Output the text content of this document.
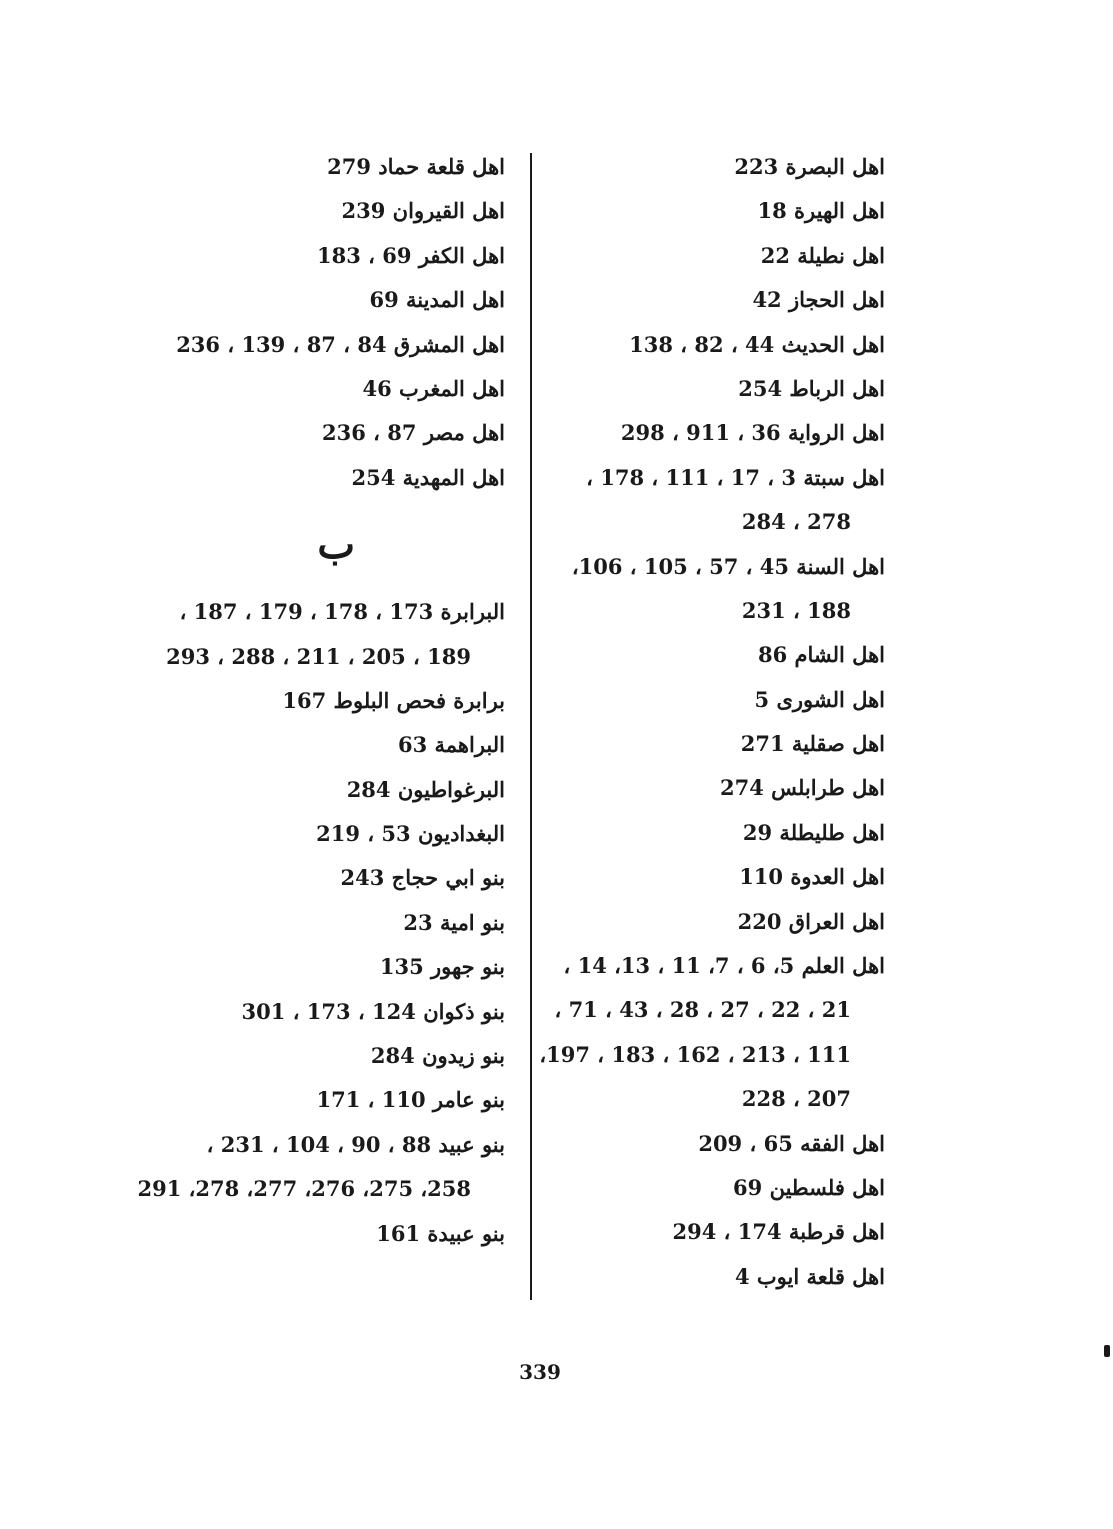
اهل البصرة 223
اهل الهيرة 18
اهل نطيلة 22
اهل الحجاز 42
اهل الحديث 44 ، 82 ، 138
اهل الرباط 254
اهل الرواية 36 ، 911 ، 298
اهل سبتة 3 ، 17 ، 111 ، 178 ،
278 ، 284
اهل السنة 45 ، 57 ، 105 ، 106،
188 ، 231
اهل الشام 86
اهل الشورى 5
اهل صقلية 271
اهل طرابلس 274
اهل طليطلة 29
اهل العدوة 110
اهل العراق 220
اهل العلم 5، 6 ، 7، 11 ، 13، 14 ،
21 ، 22 ، 27 ، 28 ، 43 ، 71 ،
111 ، 213 ، 162 ، 183 ، 197،
207 ، 228
اهل الفقه 65 ، 209
اهل فلسطين 69
اهل قرطبة 174 ، 294
اهل قلعة ايوب 4
اهل قلعة حماد 279
اهل القيروان 239
اهل الكفر 69 ، 183
اهل المدينة 69
اهل المشرق 84 ، 87 ، 139 ، 236
اهل المغرب 46
اهل مصر 87 ، 236
اهل المهدية 254
ب
البرابرة 173 ، 178 ، 179 ، 187 ،
189 ، 205 ، 211 ، 288 ، 293
برابرة فحص البلوط 167
البراهمة 63
البرغواطيون 284
البغداديون 53 ، 219
بنو ابي حجاج 243
بنو امية 23
بنو جهور 135
بنو ذكوان 124 ، 173 ، 301
بنو زيدون 284
بنو عامر 110 ، 171
بنو عبيد 88 ، 90 ، 104 ، 231 ،
258، 275، 276، 277، 278، 291
بنو عبيدة 161
339
